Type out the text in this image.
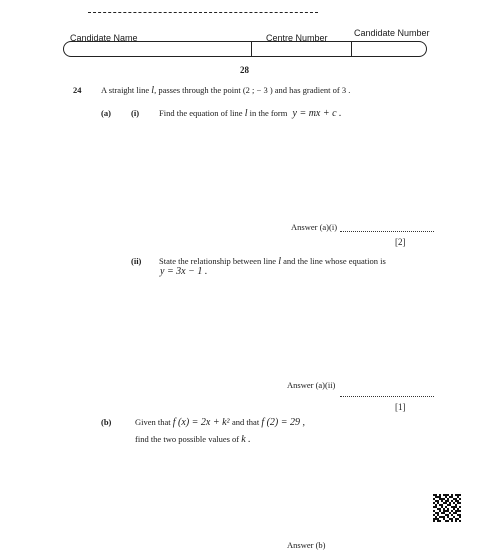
Candidate Name	Centre Number	Candidate Number
28
24 A straight line l, passes through the point (2 ; − 3 ) and has gradient of 3 .
(a) (i) Find the equation of line l in the form y = mx + c .
Answer (a)(i)
[2]
(ii) State the relationship between line l and the line whose equation is
y = 3x − 1 .
Answer (a)(ii)
[1]
(b)	Given that f (x) = 2x + k² and that f (2) = 29 ,
find the two possible values of k .
Answer (b)
